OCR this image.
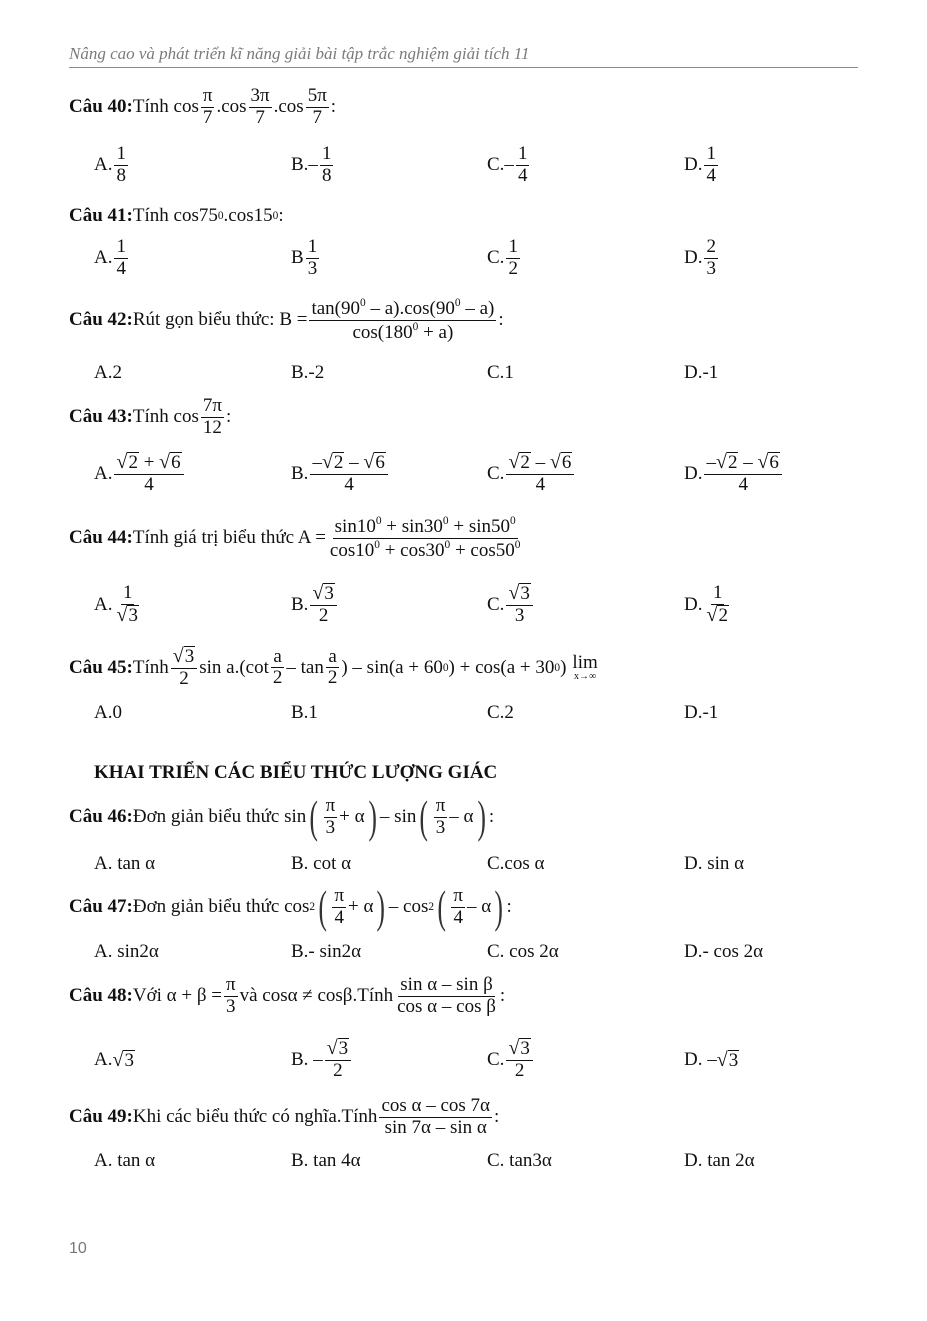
Nâng cao và phát triển kĩ năng giải bài tập trắc nghiệm giải tích 11
Câu 40: Tính $\cos \frac{\pi}{7} .\cos \frac{3\pi}{7} .\cos \frac{5\pi}{7}$ :
A. $\frac{1}{8}$	$B.- \frac{1}{8}$	$C.- \frac{1}{4}$	D. $\frac{1}{4}$
Câu 41: Tính cos75 0 .cos15 0 :
A. $\frac{1}{4}$	B $\frac{1}{3}$	C. $\frac{1}{2}$	D. $\frac{2}{3}$
Câu 42: Rút gọn biểu thức: $B = \frac{\tan(90^0 - a).\cos(90^0 - a)}{\cos(180^0 + a)}$ :
A.2	B.-2	C.1	D.-1
Câu 43: Tính $\cos \frac{7\pi}{12}$ :
A. $\frac{√ 2 + √ 6}{4}$	B. $\frac{- √ 2 - √ 6}{4}$	C. $\frac{√ 2 - √ 6}{4}$	D. $\frac{- √ 2 - √ 6}{4}$
Câu 44: Tính giá trị biểu thức $A = \frac{\sin 10^0 + \sin 30^0 + \sin 50^0}{\cos 10^0 + \cos 30^0 + \cos 50^0}$
A. $\frac{1}{√ 3}$	B. $\frac{√ 3}{2}$	C. $\frac{√ 3}{3}$	D. $\frac{1}{√ 2}$
Câu 45: Tính $\frac{√ 3}{2}$ $\sin a.(\cot \frac{a}{2}$ – $\tan \frac{a}{2}$ ) – sin(a + 60 0 ) + cos(a + 30 0 ) lim
x→∞
A.0	B.1	C.2	D.-1
Câu 46: Đơn giản biểu thức sin ( $\frac{\pi}{3} + \alpha$ ) – sin ( $\frac{\pi}{3}$ – α ) :
A. tan α	B. cot α	C.cos α	D. sin α
Câu 47: Đơn giản biểu thức cos 2 ( $\frac{\pi}{4} + \alpha$ ) – cos 2 ( $\frac{\pi}{4}$ – α ) :
A. sin2α	B.- sin2α	C. cos 2α	D.- cos 2α
Câu 48: Với $\alpha + \beta = \frac{\pi}{3}$ và cosα ≠ cosβ.Tính $\frac{\text{sin α – sin β}}{\text{cos α – cos β}}$ :
A. √ 3	B. – $\frac{√ 3}{2}$	C. $\frac{√ 3}{2}$	D. – √ 3
Câu 49: Khi các biểu thức có nghĩa.Tính $\frac{\text{cos α – cos 7α}}{\text{sin 7α – sin α}}$ :
A. tan α	B. tan 4α	C. tan3α	D. tan 2α
KHAI TRIỂN CÁC BIỂU THỨC LƯỢNG GIÁC
10
